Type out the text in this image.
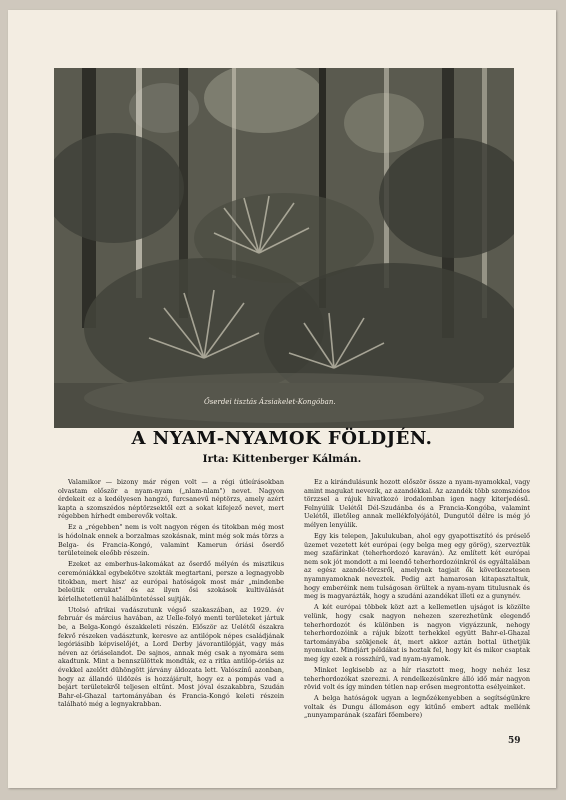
Őserdei tisztás Ázsiakelet-Kongóban.
A NYAM-NYAMOK FÖLDJÉN.
Irta: Kittenberger Kálmán.

Valamikor — bizony már régen volt — a régi útleírásokban olvastam először a nyam-nyam („nlam-nlam") nevet. Nagyon érdekeit ez a kedélyesen hangzó, furcsanevű néptörzs, amely azért kapta a szomszédos néptörzsektől ezt a sokat kifejező nevet, mert régebben hírhedt emberevők voltak.

Ez a „régebben" nem is volt nagyon régen és titokban még most is hódolnak ennek a borzalmas szokásnak, mint még sok más törzs a Belga- és Francia-Kongó, valamint Kamerun óriási őserdő területeinek eleőbb részein.

Ezeket az emberhus-lakomákat az őserdő mélyén és misztikus ceremóniákkal egybekötve szokták megtartani, persze a legnagyobb titokban, mert hisz' az európai hatóságok most már „mindenbe beleütik orrukat" és az ilyen ősi szokások kultiválását kérlelhetetlenül halálbüntetéssel sujtják.

Utolsó afrikai vadászutunk végső szakaszában, az 1929. év február és március havában, az Uelle-folyó menti területeket jártuk be, a Belga-Kongó északkeleti részén. Először az Uelétől északra fekvő részeken vadásztunk, keresve az antilópok népes családjának legóriásibb képviselőjét, a Lord Derby jávorantilópját, vagy más néven az óriáselandot. De sajnos, annak még csak a nyomára sem akadtunk. Mint a bennszülöttek mondták, ez a ritka antilóp-óriás az évekkel azelőtt dühöngött járvány áldozata lett. Valószínű azonban, hogy az állandó üldözés is hozzájárult, hogy ez a pompás vad a bejárt területekről teljesen eltűnt. Most jóval északabbra, Szudán Bahr-el-Ghazal tartományában és Francia-Kongó keleti részein található még a legnyakrabban.

Ez a kirándulásunk hozott először össze a nyam-nyamokkal, vagy amint magukat nevezik, az azandékkal. Az azandék több szomszédos törzzsel a rájuk hivatkozó irodalomban igen nagy kiterjedésű. Felnyúlik Uelétől Dél-Szudánba és a Francia-Kongóba, valamint Uelétől, illetőleg annak mellékfolyójától, Dungutól délre is még jó mélyen lenyúlik.

Egy kis telepen, Jakulukuban, ahol egy gyapottisztító és préselő üzemet vezetett két európai (egy belga meg egy görög), szerveztük meg szafárinkat (teherhordozó karaván). Az említett két európai nem sok jót mondott a mi leendő teherhordozóinkról és egyáltalában az egész azandé-törzsről, amelynek tagjait ők következetesen nyamnyamoknak neveztek. Pedig azt hamarosan kitapasztaltuk, hogy emberéink nem tulságosan örültek a nyam-nyam titulusnak és meg is magyarázták, hogy a szudáni azandékat illeti ez a gunynév.

A két európai többek közt azt a kellemetlen ujságot is közölte velünk, hogy csak nagyon nehezen szerezhetünk elegendő teherhordozót és különben is nagyon vigyázzunk, nehogy teherhordozóink a rájuk bízott terhekkel együtt Bahr-el-Ghazal tartományába szökjenek át, mert akkor aztán bottal üthetjük nyomukat. Mindjárt példákat is hoztak fel, hogy kit és mikor csaptak meg így ezek a rosszhírű, vad nyam-nyamok.

Minket legkisebb az a hír riasztott meg, hogy nehéz lesz teherhordozókat szerezni. A rendelkezésünkre álló idő már nagyon rövid volt és így minden tétlen nap erősen megrontotta esélyeinket.

A belga hatóságok ugyan a legnőzékenyebben a segítségünkre voltak és Dungu állomáson egy kitűnő embert adtak mellénk „nunyamparának (szafári főembere)

59
